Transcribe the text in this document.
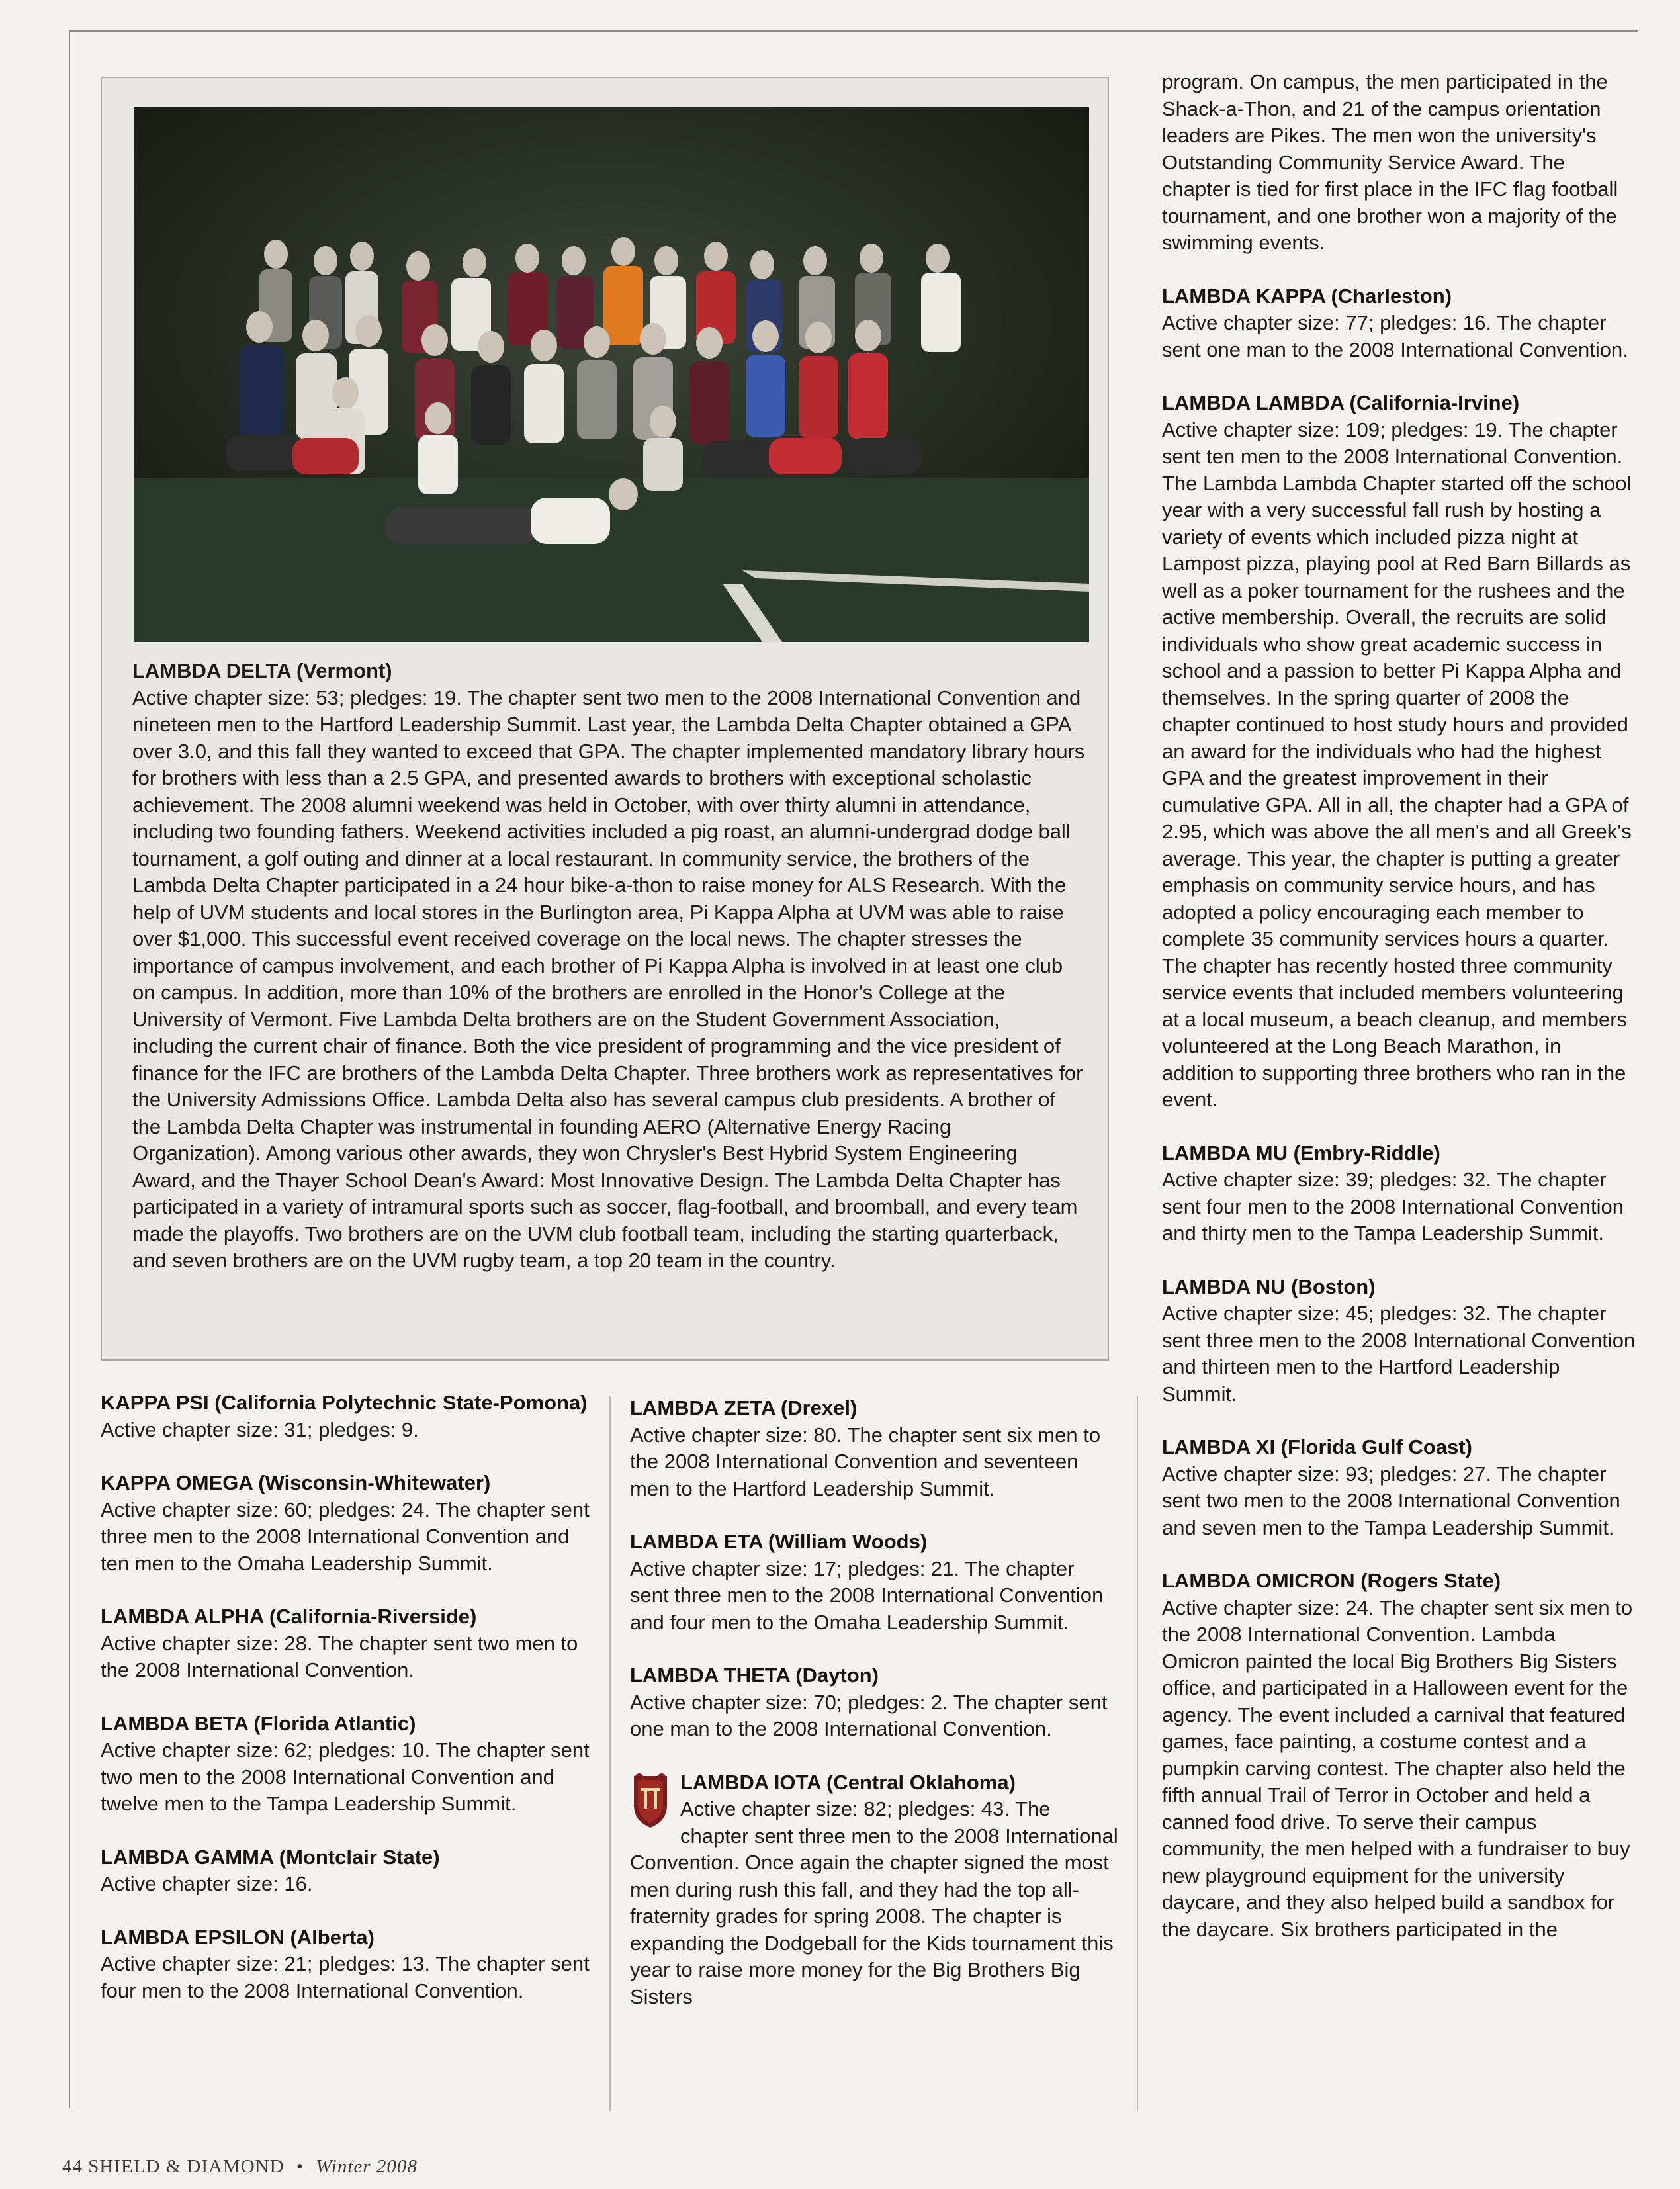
LAMBDA DELTA (Vermont)

Active chapter size: 53; pledges: 19. The chapter sent two men to the 2008 International Convention and nineteen men to the Hartford Leadership Summit. Last year, the Lambda Delta Chapter obtained a GPA over 3.0, and this fall they wanted to exceed that GPA. The chapter implemented mandatory library hours for brothers with less than a 2.5 GPA, and presented awards to brothers with exceptional scholastic achievement. The 2008 alumni weekend was held in October, with over thirty alumni in attendance, including two founding fathers. Weekend activities included a pig roast, an alumni-undergrad dodge ball tournament, a golf outing and dinner at a local restaurant. In community service, the brothers of the Lambda Delta Chapter participated in a 24 hour bike-a-thon to raise money for ALS Research. With the help of UVM students and local stores in the Burlington area, Pi Kappa Alpha at UVM was able to raise over $1,000. This successful event received coverage on the local news. The chapter stresses the importance of campus involvement, and each brother of Pi Kappa Alpha is involved in at least one club on campus. In addition, more than 10% of the brothers are enrolled in the Honor's College at the University of Vermont. Five Lambda Delta brothers are on the Student Government Association, including the current chair of finance. Both the vice president of programming and the vice president of finance for the IFC are brothers of the Lambda Delta Chapter. Three brothers work as representatives for the University Admissions Office. Lambda Delta also has several campus club presidents. A brother of the Lambda Delta Chapter was instrumental in founding AERO (Alternative Energy Racing Organization). Among various other awards, they won Chrysler's Best Hybrid System Engineering Award, and the Thayer School Dean's Award: Most Innovative Design. The Lambda Delta Chapter has participated in a variety of intramural sports such as soccer, flag-football, and broomball, and every team made the playoffs. Two brothers are on the UVM club football team, including the starting quarterback, and seven brothers are on the UVM rugby team, a top 20 team in the country.

KAPPA PSI (California Polytechnic State-Pomona)

Active chapter size: 31; pledges: 9.

KAPPA OMEGA (Wisconsin-Whitewater)

Active chapter size: 60; pledges: 24. The chapter sent three men to the 2008 International Convention and ten men to the Omaha Leadership Summit.

LAMBDA ALPHA (California-Riverside)

Active chapter size: 28. The chapter sent two men to the 2008 International Convention.

LAMBDA BETA (Florida Atlantic)

Active chapter size: 62; pledges: 10. The chapter sent two men to the 2008 International Convention and twelve men to the Tampa Leadership Summit.

LAMBDA GAMMA (Montclair State)

Active chapter size: 16.

LAMBDA EPSILON (Alberta)

Active chapter size: 21; pledges: 13. The chapter sent four men to the 2008 International Convention.

LAMBDA ZETA (Drexel)

Active chapter size: 80. The chapter sent six men to the 2008 International Convention and seventeen men to the Hartford Leadership Summit.

LAMBDA ETA (William Woods)

Active chapter size: 17; pledges: 21. The chapter sent three men to the 2008 International Convention and four men to the Omaha Leadership Summit.

LAMBDA THETA (Dayton)

Active chapter size: 70; pledges: 2. The chapter sent one man to the 2008 International Convention.

LAMBDA IOTA (Central Oklahoma)

Active chapter size: 82; pledges: 43. The chapter sent three men to the 2008 International Convention. Once again the chapter signed the most men during rush this fall, and they had the top all-fraternity grades for spring 2008. The chapter is expanding the Dodgeball for the Kids tournament this year to raise more money for the Big Brothers Big Sisters

program. On campus, the men participated in the Shack-a-Thon, and 21 of the campus orientation leaders are Pikes. The men won the university's Outstanding Community Service Award. The chapter is tied for first place in the IFC flag football tournament, and one brother won a majority of the swimming events.

LAMBDA KAPPA (Charleston)

Active chapter size: 77; pledges: 16. The chapter sent one man to the 2008 International Convention.

LAMBDA LAMBDA (California-Irvine)

Active chapter size: 109; pledges: 19. The chapter sent ten men to the 2008 International Convention. The Lambda Lambda Chapter started off the school year with a very successful fall rush by hosting a variety of events which included pizza night at Lampost pizza, playing pool at Red Barn Billards as well as a poker tournament for the rushees and the active membership. Overall, the recruits are solid individuals who show great academic success in school and a passion to better Pi Kappa Alpha and themselves. In the spring quarter of 2008 the chapter continued to host study hours and provided an award for the individuals who had the highest GPA and the greatest improvement in their cumulative GPA. All in all, the chapter had a GPA of 2.95, which was above the all men's and all Greek's average. This year, the chapter is putting a greater emphasis on community service hours, and has adopted a policy encouraging each member to complete 35 community services hours a quarter. The chapter has recently hosted three community service events that included members volunteering at a local museum, a beach cleanup, and members volunteered at the Long Beach Marathon, in addition to supporting three brothers who ran in the event.

LAMBDA MU (Embry-Riddle)

Active chapter size: 39; pledges: 32. The chapter sent four men to the 2008 International Convention and thirty men to the Tampa Leadership Summit.

LAMBDA NU (Boston)

Active chapter size: 45; pledges: 32. The chapter sent three men to the 2008 International Convention and thirteen men to the Hartford Leadership Summit.

LAMBDA XI (Florida Gulf Coast)

Active chapter size: 93; pledges: 27. The chapter sent two men to the 2008 International Convention and seven men to the Tampa Leadership Summit.

LAMBDA OMICRON (Rogers State)

Active chapter size: 24. The chapter sent six men to the 2008 International Convention. Lambda Omicron painted the local Big Brothers Big Sisters office, and participated in a Halloween event for the agency. The event included a carnival that featured games, face painting, a costume contest and a pumpkin carving contest. The chapter also held the fifth annual Trail of Terror in October and held a canned food drive. To serve their campus community, the men helped with a fundraiser to buy new playground equipment for the university daycare, and they also helped build a sandbox for the daycare. Six brothers participated in the

44 SHIELD & DIAMOND • Winter 2008
